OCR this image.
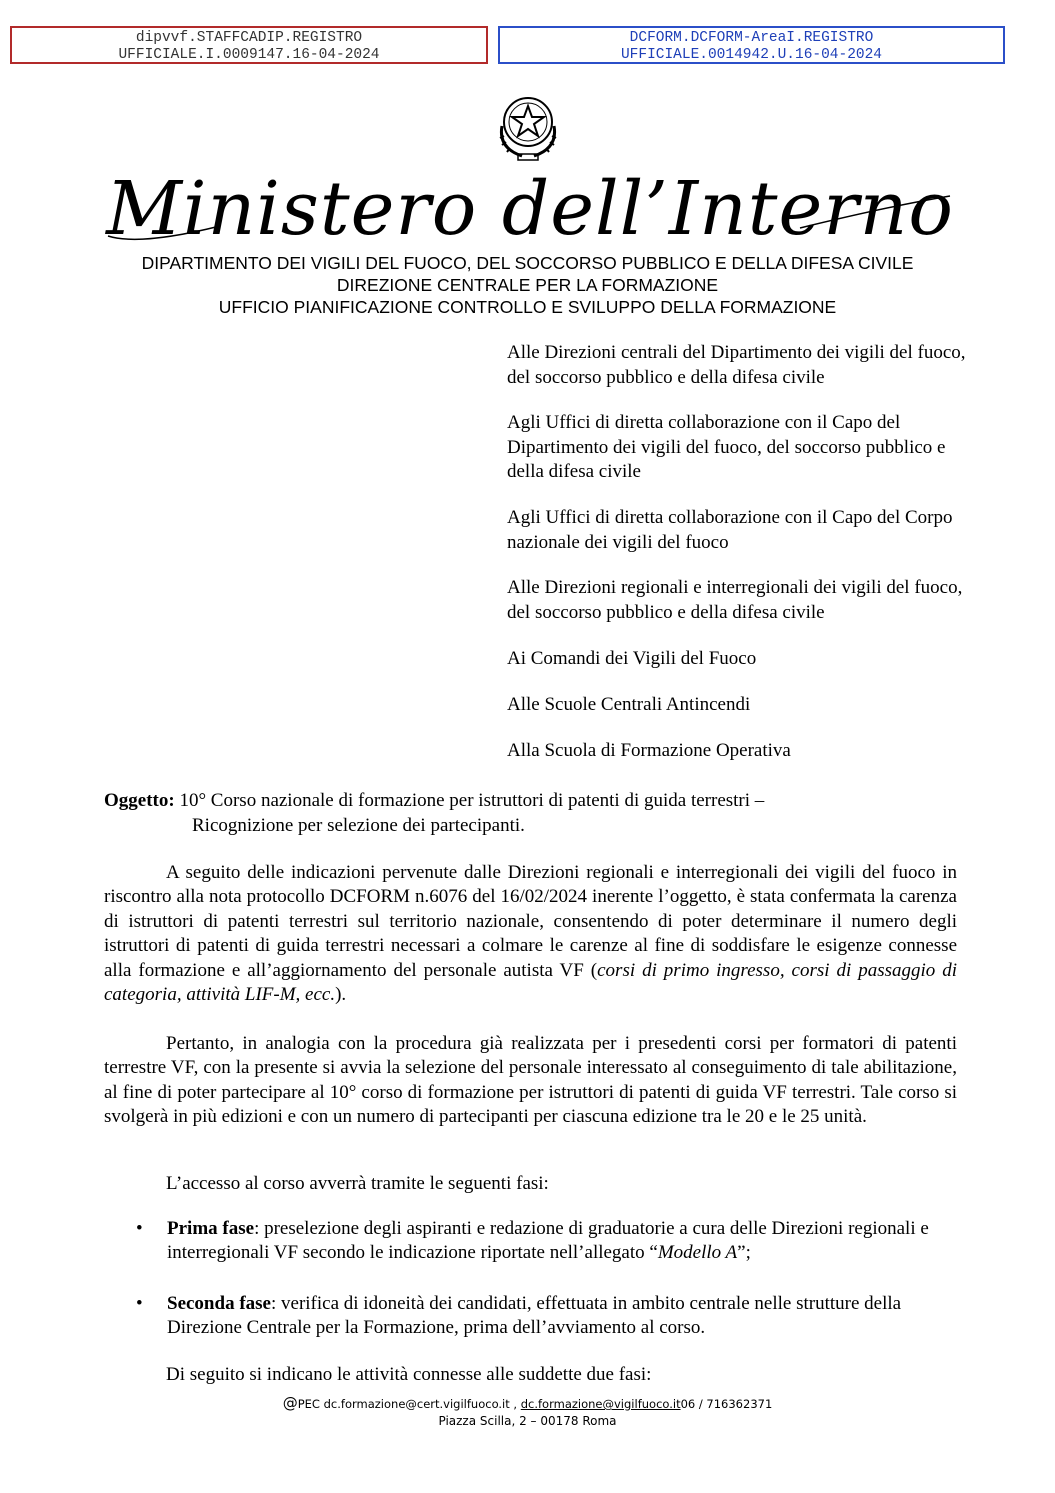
dipvvf.STAFFCADIP.REGISTRO
UFFICIALE.I.0009147.16-04-2024
DCFORM.DCFORM-AreaI.REGISTRO
UFFICIALE.0014942.U.16-04-2024
Ministero dell’Interno
DIPARTIMENTO DEI VIGILI DEL FUOCO, DEL SOCCORSO PUBBLICO E DELLA DIFESA CIVILE
DIREZIONE CENTRALE PER LA FORMAZIONE
UFFICIO PIANIFICAZIONE CONTROLLO E SVILUPPO DELLA FORMAZIONE

Alle Direzioni centrali del Dipartimento dei vigili del fuoco, del soccorso pubblico e della difesa civile

Agli Uffici di diretta collaborazione con il Capo del Dipartimento dei vigili del fuoco, del soccorso pubblico e della difesa civile

Agli Uffici di diretta collaborazione con il Capo del Corpo nazionale dei vigili del fuoco

Alle Direzioni regionali e interregionali dei vigili del fuoco, del soccorso pubblico e della difesa civile

Ai Comandi dei Vigili del Fuoco

Alle Scuole Centrali Antincendi

Alla Scuola di Formazione Operativa

Oggetto: 10° Corso nazionale di formazione per istruttori di patenti di guida terrestri –
Ricognizione per selezione dei partecipanti.

A seguito delle indicazioni pervenute dalle Direzioni regionali e interregionali dei vigili del fuoco in riscontro alla nota protocollo DCFORM n.6076 del 16/02/2024 inerente l’oggetto, è stata confermata la carenza di istruttori di patenti terrestri sul territorio nazionale, consentendo di poter determinare il numero degli istruttori di patenti di guida terrestri necessari a colmare le carenze al fine di soddisfare le esigenze connesse alla formazione e all’aggiornamento del personale autista VF (corsi di primo ingresso, corsi di passaggio di categoria, attività LIF-M, ecc.).

Pertanto, in analogia con la procedura già realizzata per i presedenti corsi per formatori di patenti terrestre VF, con la presente si avvia la selezione del personale interessato al conseguimento di tale abilitazione, al fine di poter partecipare al 10° corso di formazione per istruttori di patenti di guida VF terrestri. Tale corso si svolgerà in più edizioni e con un numero di partecipanti per ciascuna edizione tra le 20 e le 25 unità.

L’accesso al corso avverrà tramite le seguenti fasi:

• Prima fase: preselezione degli aspiranti e redazione di graduatorie a cura delle Direzioni regionali e interregionali VF secondo le indicazione riportate nell’allegato “Modello A”;
• Seconda fase: verifica di idoneità dei candidati, effettuata in ambito centrale nelle strutture della Direzione Centrale per la Formazione, prima dell’avviamento al corso.

Di seguito si indicano le attività connesse alle suddette due fasi:

@PEC dc.formazione@cert.vigilfuoco.it , dc.formazione@vigilfuoco.it06 / 716362371
Piazza Scilla, 2 – 00178 Roma
